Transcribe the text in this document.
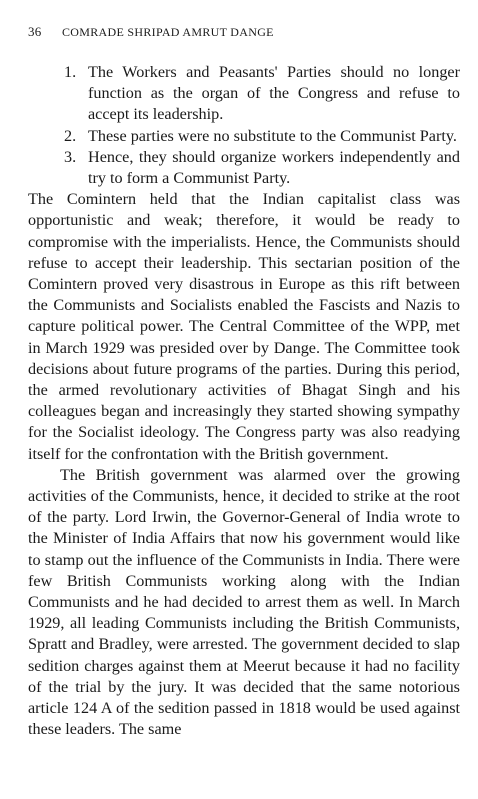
36 COMRADE SHRIPAD AMRUT DANGE
1. The Workers and Peasants' Parties should no longer function as the organ of the Congress and refuse to accept its leadership.
2. These parties were no substitute to the Communist Party.
3. Hence, they should organize workers independently and try to form a Communist Party.

The Comintern held that the Indian capitalist class was opportunistic and weak; therefore, it would be ready to compromise with the imperialists. Hence, the Communists should refuse to accept their leadership. This sectarian position of the Comintern proved very disastrous in Europe as this rift between the Communists and Socialists enabled the Fascists and Nazis to capture political power. The Central Committee of the WPP, met in March 1929 was presided over by Dange. The Committee took decisions about future programs of the parties. During this period, the armed revolutionary activities of Bhagat Singh and his colleagues began and increasingly they started showing sympathy for the Socialist ideology. The Congress party was also readying itself for the confrontation with the British government.

The British government was alarmed over the growing activities of the Communists, hence, it decided to strike at the root of the party. Lord Irwin, the Governor-General of India wrote to the Minister of India Affairs that now his government would like to stamp out the influence of the Communists in India. There were few British Communists working along with the Indian Communists and he had decided to arrest them as well. In March 1929, all leading Communists including the British Communists, Spratt and Bradley, were arrested. The government decided to slap sedition charges against them at Meerut because it had no facility of the trial by the jury. It was decided that the same notorious article 124 A of the sedition passed in 1818 would be used against these leaders. The same
